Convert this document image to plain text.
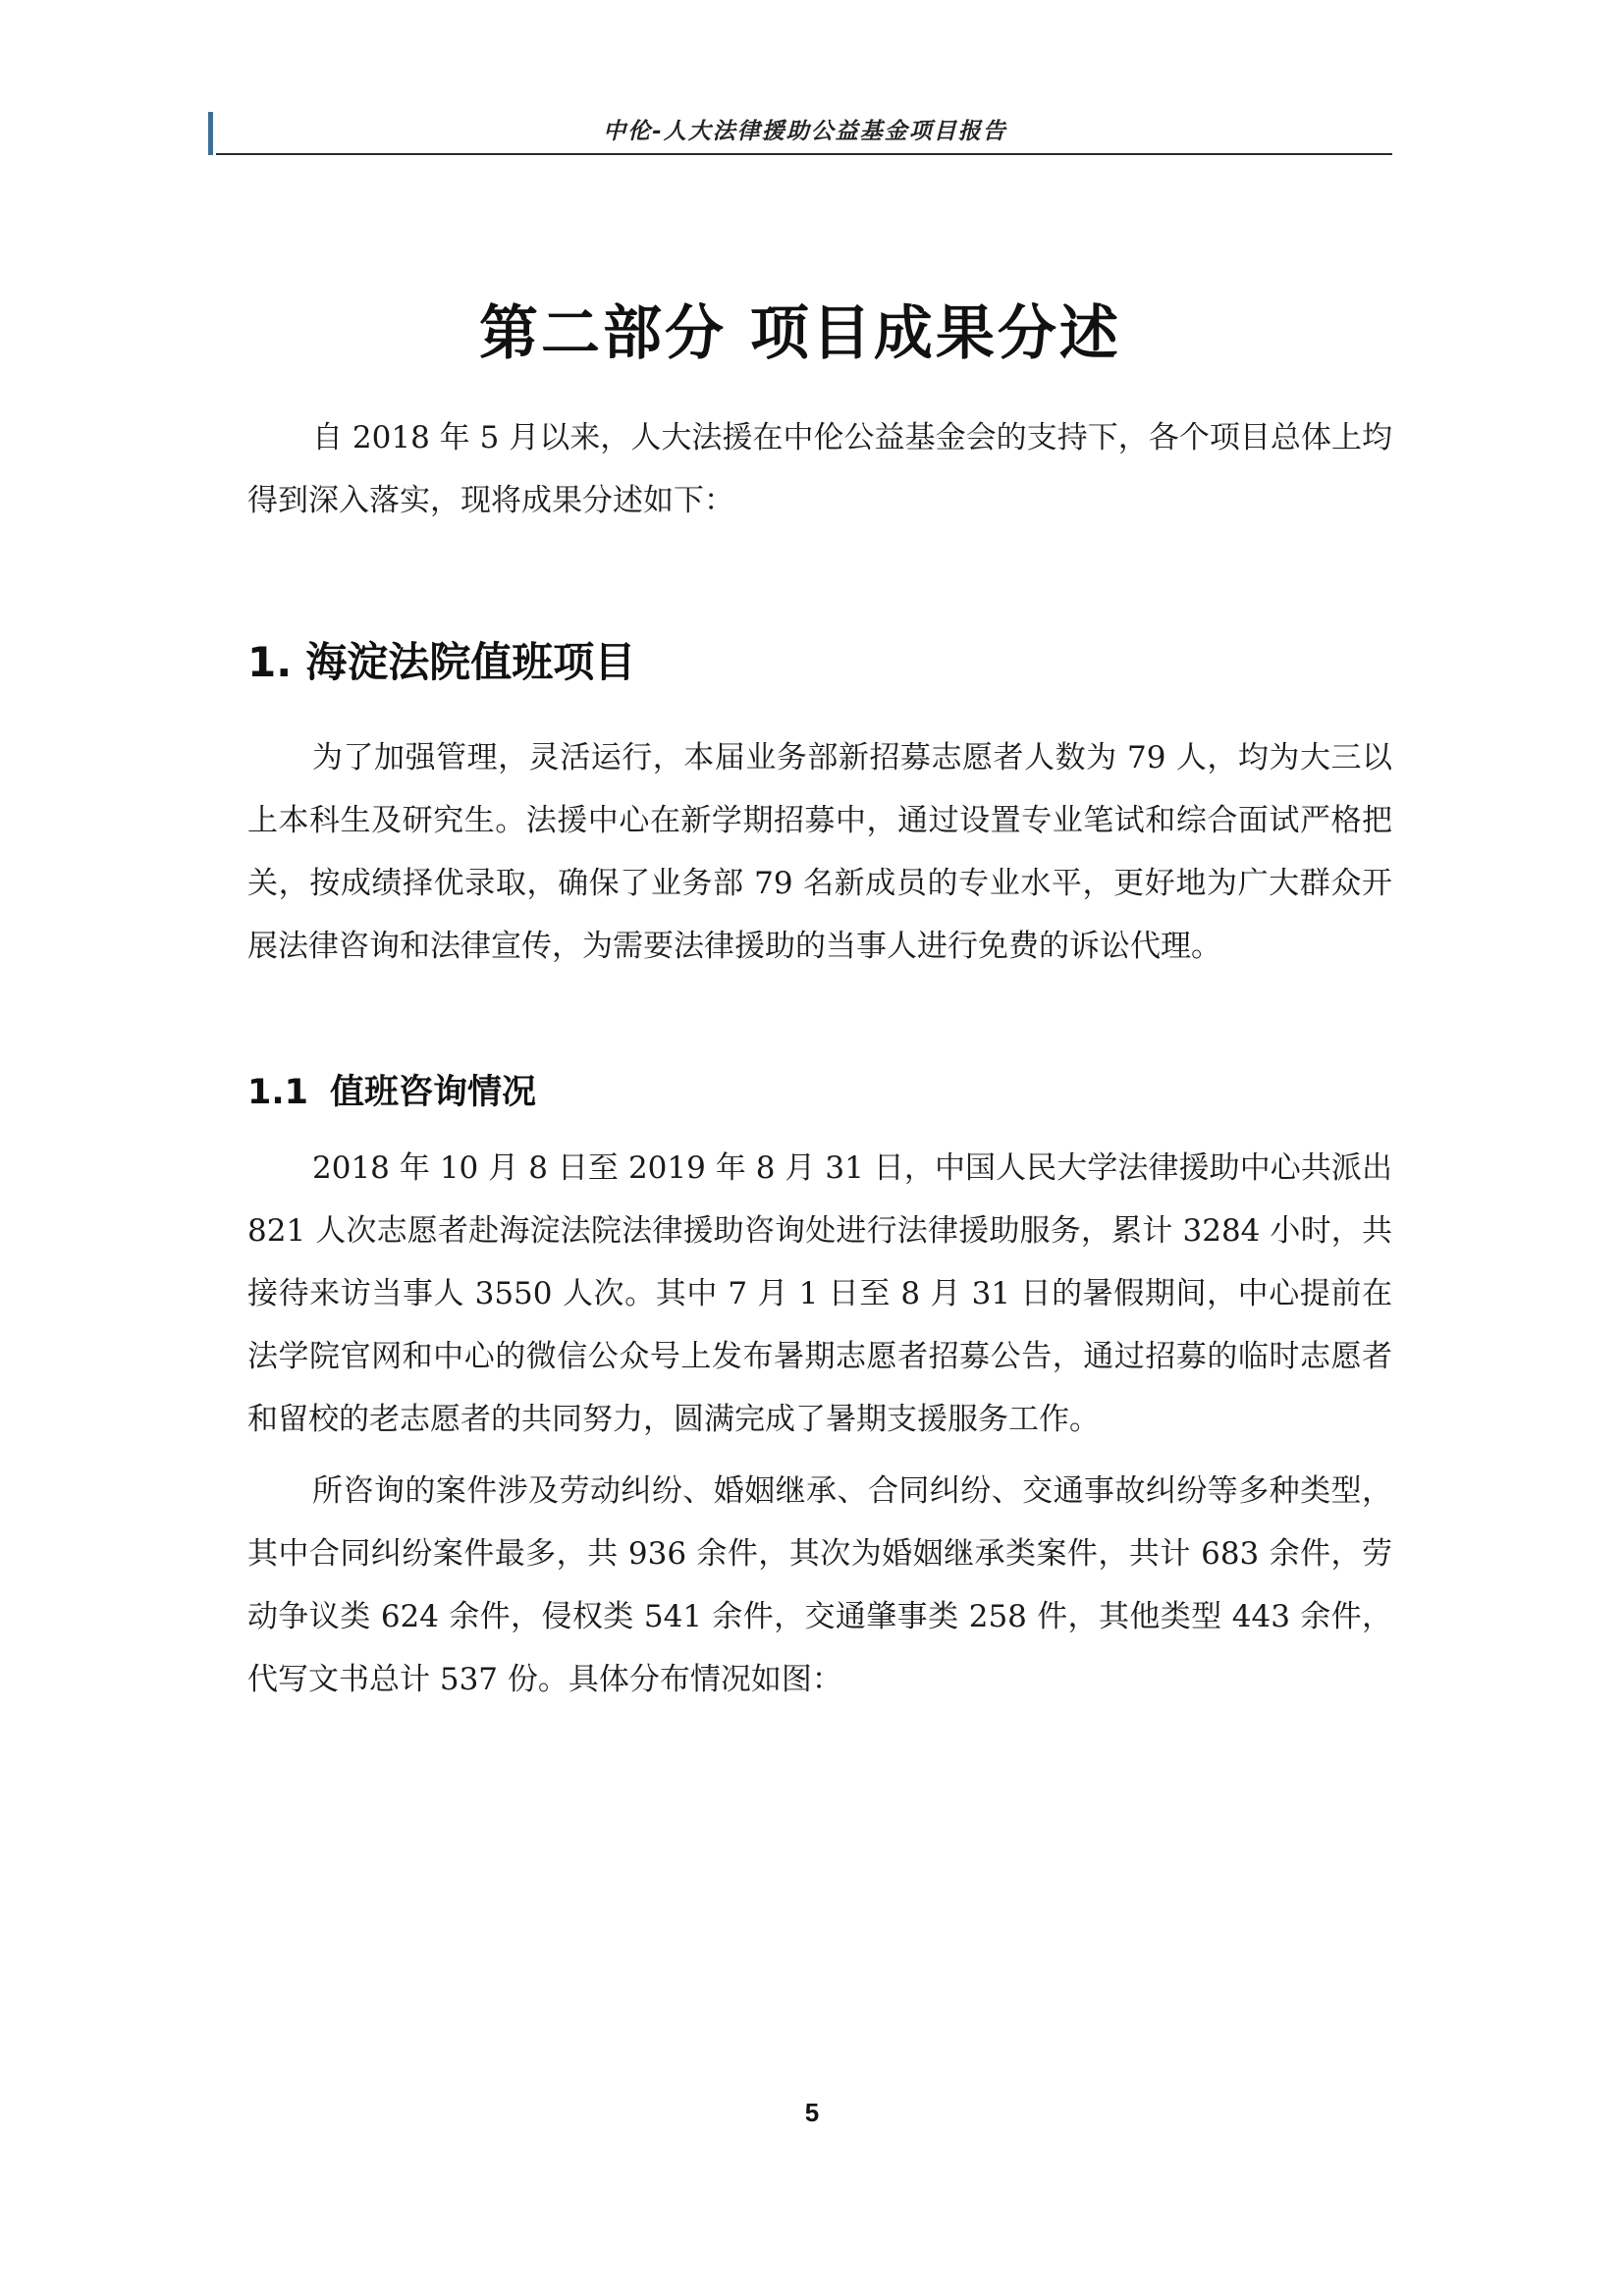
中伦-人大法律援助公益基金项目报告
第二部分 项目成果分述

自 2018 年 5 月以来，人大法援在中伦公益基金会的支持下，各个项目总体上均得到深入落实，现将成果分述如下：

1. 海淀法院值班项目

为了加强管理，灵活运行，本届业务部新招募志愿者人数为 79 人，均为大三以上本科生及研究生。法援中心在新学期招募中，通过设置专业笔试和综合面试严格把关，按成绩择优录取，确保了业务部 79 名新成员的专业水平，更好地为广大群众开展法律咨询和法律宣传，为需要法律援助的当事人进行免费的诉讼代理。

1.1 值班咨询情况

2018 年 10 月 8 日至 2019 年 8 月 31 日，中国人民大学法律援助中心共派出 821 人次志愿者赴海淀法院法律援助咨询处进行法律援助服务，累计 3284 小时，共接待来访当事人 3550 人次。其中 7 月 1 日至 8 月 31 日的暑假期间，中心提前在法学院官网和中心的微信公众号上发布暑期志愿者招募公告，通过招募的临时志愿者和留校的老志愿者的共同努力，圆满完成了暑期支援服务工作。

所咨询的案件涉及劳动纠纷、婚姻继承、合同纠纷、交通事故纠纷等多种类型，其中合同纠纷案件最多，共 936 余件，其次为婚姻继承类案件，共计 683 余件，劳动争议类 624 余件，侵权类 541 余件，交通肇事类 258 件，其他类型 443 余件，代写文书总计 537 份。具体分布情况如图：

5
